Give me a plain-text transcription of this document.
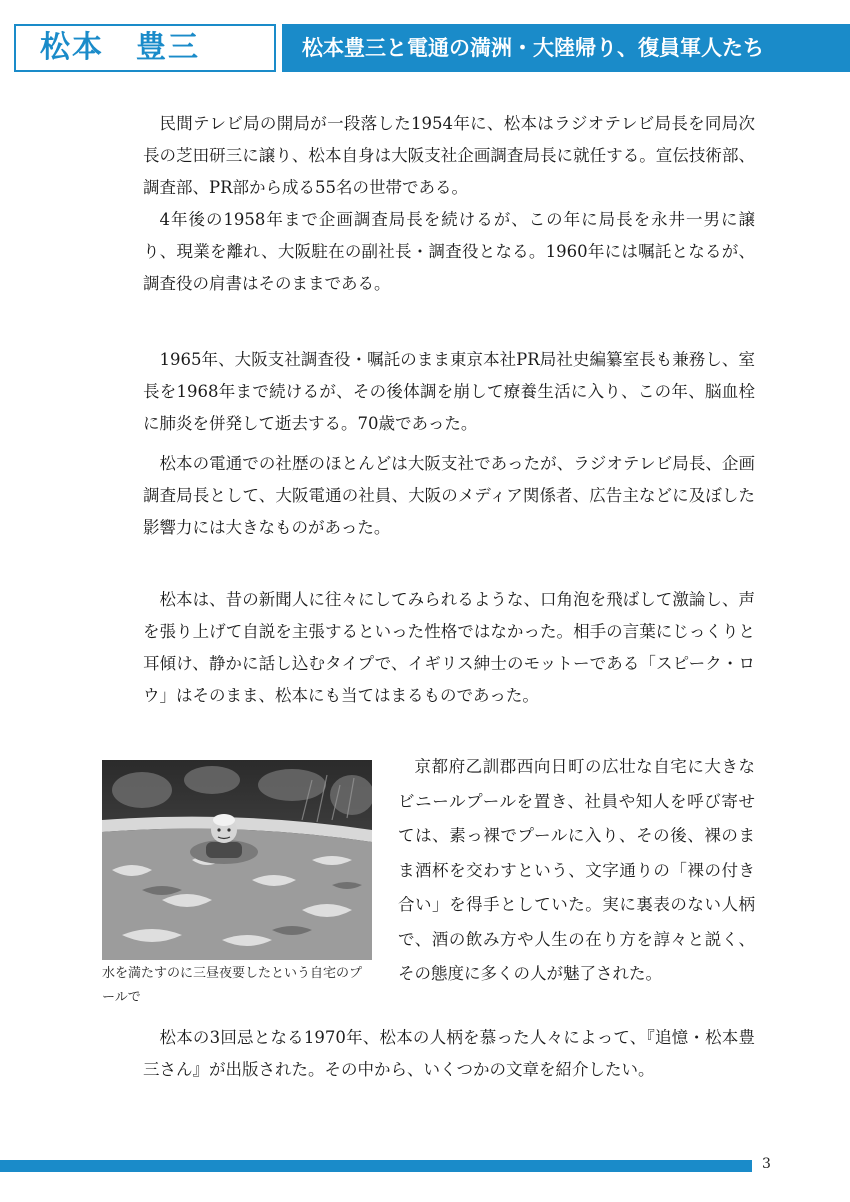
松本　豊三	松本豊三と電通の満洲・大陸帰り、復員軍人たち

民間テレビ局の開局が一段落した1954年に、松本はラジオテレビ局長を同局次長の芝田研三に譲り、松本自身は大阪支社企画調査局長に就任する。宣伝技術部、調査部、PR部から成る55名の世帯である。

4年後の1958年まで企画調査局長を続けるが、この年に局長を永井一男に譲り、現業を離れ、大阪駐在の副社長・調査役となる。1960年には嘱託となるが、調査役の肩書はそのままである。

1965年、大阪支社調査役・嘱託のまま東京本社PR局社史編纂室長も兼務し、室長を1968年まで続けるが、その後体調を崩して療養生活に入り、この年、脳血栓に肺炎を併発して逝去する。70歳であった。

松本の電通での社歴のほとんどは大阪支社であったが、ラジオテレビ局長、企画調査局長として、大阪電通の社員、大阪のメディア関係者、広告主などに及ぼした影響力には大きなものがあった。

松本は、昔の新聞人に往々にしてみられるような、口角泡を飛ばして激論し、声を張り上げて自説を主張するといった性格ではなかった。相手の言葉にじっくりと耳傾け、静かに話し込むタイプで、イギリス紳士のモットーである「スピーク・ロウ」はそのまま、松本にも当てはまるものであった。

水を満たすのに三昼夜要したという自宅のプールで

京都府乙訓郡西向日町の広壮な自宅に大きなビニールプールを置き、社員や知人を呼び寄せては、素っ裸でプールに入り、その後、裸のまま酒杯を交わすという、文字通りの「裸の付き合い」を得手としていた。実に裏表のない人柄で、酒の飲み方や人生の在り方を諄々と説く、その態度に多くの人が魅了された。

松本の3回忌となる1970年、松本の人柄を慕った人々によって、『追憶・松本豊三さん』が出版された。その中から、いくつかの文章を紹介したい。

3
